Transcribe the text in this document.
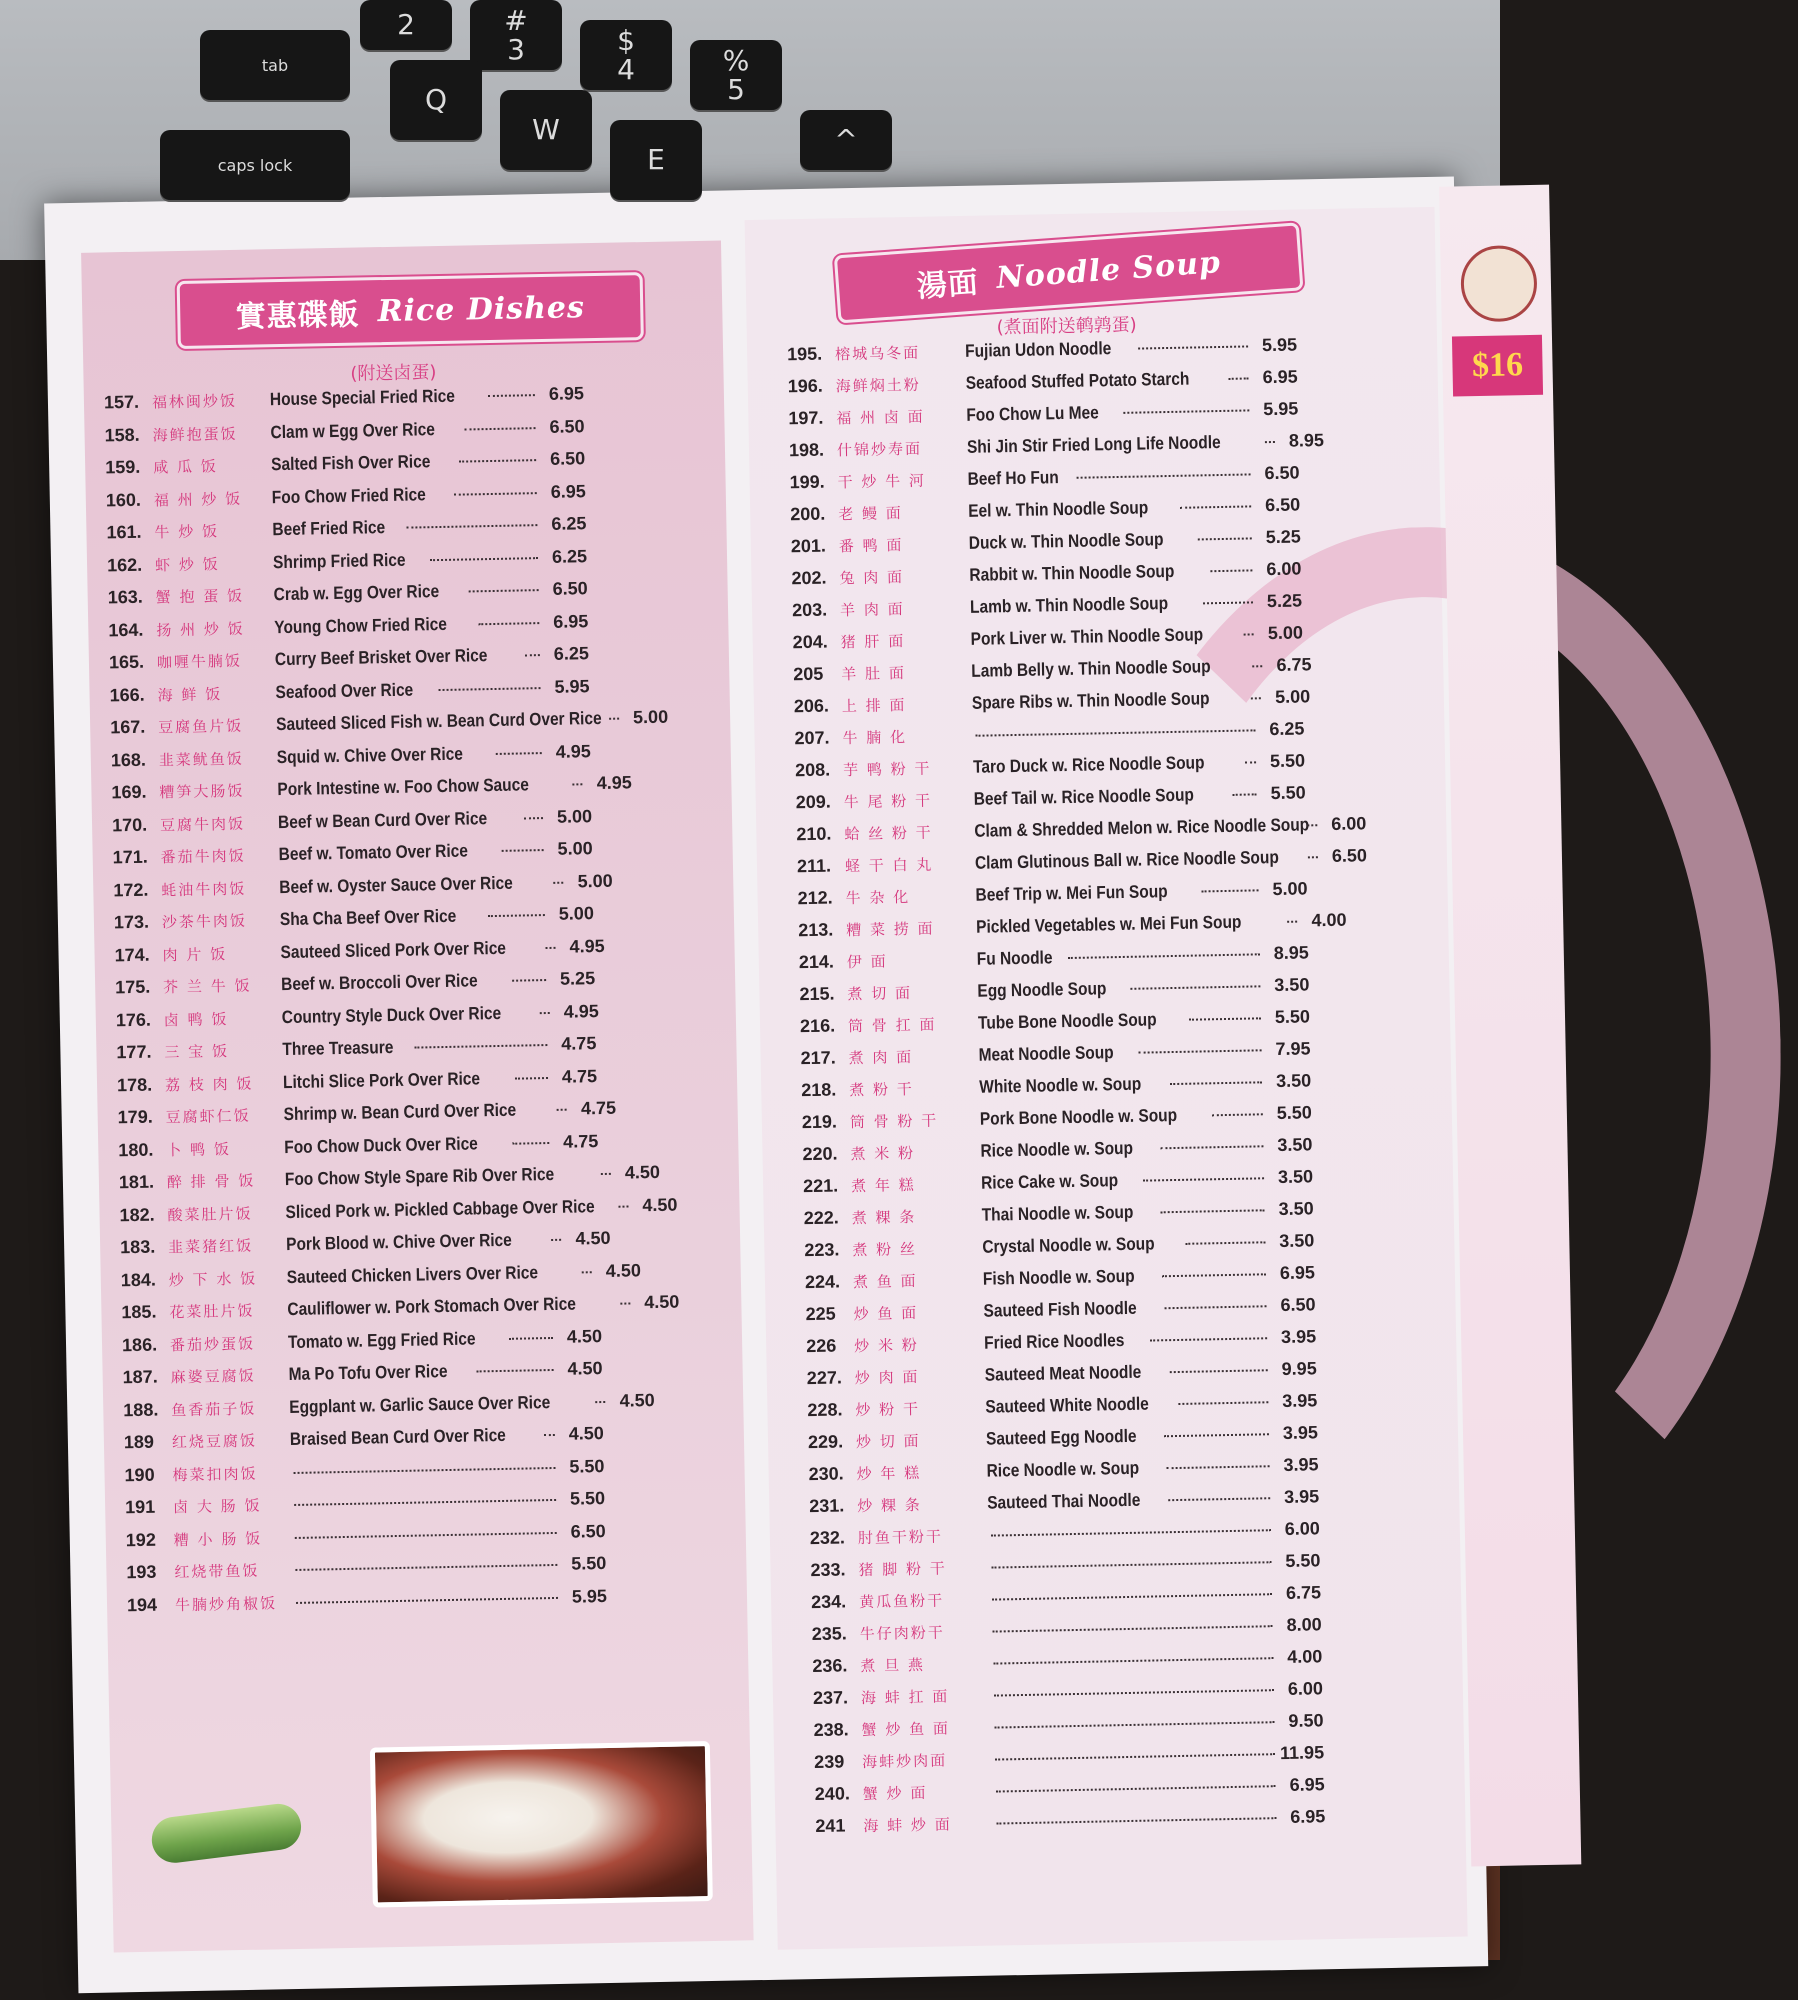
實惠碟飯 Rice Dishes
(附送卤蛋)
157. 福林闽炒饭	House Special Fried Rice	6.95
158. 海鲜抱蛋饭	Clam w Egg Over Rice	6.50
159. 咸 瓜 饭	Salted Fish Over Rice	6.50
160. 福 州 炒 饭	Foo Chow Fried Rice	6.95
161. 牛 炒 饭	Beef Fried Rice	6.25
162. 虾 炒 饭	Shrimp Fried Rice	6.25
163. 蟹 抱 蛋 饭	Crab w. Egg Over Rice	6.50
164. 扬 州 炒 饭	Young Chow Fried Rice	6.95
165. 咖喱牛腩饭	Curry Beef Brisket Over Rice	6.25
166. 海 鲜 饭	Seafood Over Rice	5.95
167. 豆腐鱼片饭	Sauteed Sliced Fish w. Bean Curd Over Rice	5.00
168. 韭菜鱿鱼饭	Squid w. Chive Over Rice	4.95
169. 糟笋大肠饭	Pork Intestine w. Foo Chow Sauce	4.95
170. 豆腐牛肉饭	Beef w Bean Curd Over Rice	5.00
171. 番茄牛肉饭	Beef w. Tomato Over Rice	5.00
172. 蚝油牛肉饭	Beef w. Oyster Sauce Over Rice	5.00
173. 沙茶牛肉饭	Sha Cha Beef Over Rice	5.00
174. 肉 片 饭	Sauteed Sliced Pork Over Rice	4.95
175. 芥 兰 牛 饭	Beef w. Broccoli Over Rice	5.25
176. 卤 鸭 饭	Country Style Duck Over Rice	4.95
177. 三 宝 饭	Three Treasure	4.75
178. 荔 枝 肉 饭	Litchi Slice Pork Over Rice	4.75
179. 豆腐虾仁饭	Shrimp w. Bean Curd Over Rice	4.75
180. 卜 鸭 饭	Foo Chow Duck Over Rice	4.75
181. 醉 排 骨 饭	Foo Chow Style Spare Rib Over Rice	4.50
182. 酸菜肚片饭	Sliced Pork w. Pickled Cabbage Over Rice	4.50
183. 韭菜猪红饭	Pork Blood w. Chive Over Rice	4.50
184. 炒 下 水 饭	Sauteed Chicken Livers Over Rice	4.50
185. 花菜肚片饭	Cauliflower w. Pork Stomach Over Rice	4.50
186. 番茄炒蛋饭	Tomato w. Egg Fried Rice	4.50
187. 麻婆豆腐饭	Ma Po Tofu Over Rice	4.50
188. 鱼香茄子饭	Eggplant w. Garlic Sauce Over Rice	4.50
189	红烧豆腐饭	Braised Bean Curd Over Rice	4.50
190	梅菜扣肉饭	5.50
191	卤 大 肠 饭	5.50
192	糟 小 肠 饭	6.50
193	红烧带鱼饭	5.50
194	牛腩炒角椒饭	5.95
湯面 Noodle Soup
(煮面附送鹌鹑蛋)
195. 榕城乌冬面	Fujian Udon Noodle	5.95
196. 海鲜焖土粉	Seafood Stuffed Potato Starch	6.95
197. 福 州 卤 面	Foo Chow Lu Mee	5.95
198. 什锦炒寿面	Shi Jin Stir Fried Long Life Noodle	8.95
199. 干 炒 牛 河	Beef Ho Fun	6.50
200. 老 鳗 面	Eel w. Thin Noodle Soup	6.50
201. 番 鸭 面	Duck w. Thin Noodle Soup	5.25
202. 兔 肉 面	Rabbit w. Thin Noodle Soup	6.00
203. 羊 肉 面	Lamb w. Thin Noodle Soup	5.25
204. 猪 肝 面	Pork Liver w. Thin Noodle Soup	5.00
205	羊 肚 面	Lamb Belly w. Thin Noodle Soup	6.75
206. 上 排 面	Spare Ribs w. Thin Noodle Soup	5.00
207. 牛 腩 化	6.25
208. 芋 鸭 粉 干	Taro Duck w. Rice Noodle Soup	5.50
209. 牛 尾 粉 干	Beef Tail w. Rice Noodle Soup	5.50
210. 蛤 丝 粉 干	Clam & Shredded Melon w. Rice Noodle Soup	6.00
211. 蛏 干 白 丸	Clam Glutinous Ball w. Rice Noodle Soup	6.50
212. 牛 杂 化	Beef Trip w. Mei Fun Soup	5.00
213. 糟 菜 捞 面	Pickled Vegetables w. Mei Fun Soup	4.00
214. 伊 面	Fu Noodle	8.95
215. 煮 切 面	Egg Noodle Soup	3.50
216. 筒 骨 扛 面	Tube Bone Noodle Soup	5.50
217. 煮 肉 面	Meat Noodle Soup	7.95
218. 煮 粉 干	White Noodle w. Soup	3.50
219. 筒 骨 粉 干	Pork Bone Noodle w. Soup	5.50
220. 煮 米 粉	Rice Noodle w. Soup	3.50
221. 煮 年 糕	Rice Cake w. Soup	3.50
222. 煮 粿 条	Thai Noodle w. Soup	3.50
223. 煮 粉 丝	Crystal Noodle w. Soup	3.50
224. 煮 鱼 面	Fish Noodle w. Soup	6.95
225	炒 鱼 面	Sauteed Fish Noodle	6.50
226	炒 米 粉	Fried Rice Noodles	3.95
227. 炒 肉 面	Sauteed Meat Noodle	9.95
228. 炒 粉 干	Sauteed White Noodle	3.95
229. 炒 切 面	Sauteed Egg Noodle	3.95
230. 炒 年 糕	Rice Noodle w. Soup	3.95
231. 炒 粿 条	Sauteed Thai Noodle	3.95
232. 肘鱼干粉干	6.00
233. 猪 脚 粉 干	5.50
234. 黄瓜鱼粉干	6.75
235. 牛仔肉粉干	8.00
236. 煮 旦 燕	4.00
237. 海 蚌 扛 面	6.00
238. 蟹 炒 鱼 面	9.50
239	海蚌炒肉面	11.95
240. 蟹 炒 面	6.95
241	海 蚌 炒 面	6.95
$16
2	#
3	$
4	%
5
^
Q
W
E
tab
caps lock
